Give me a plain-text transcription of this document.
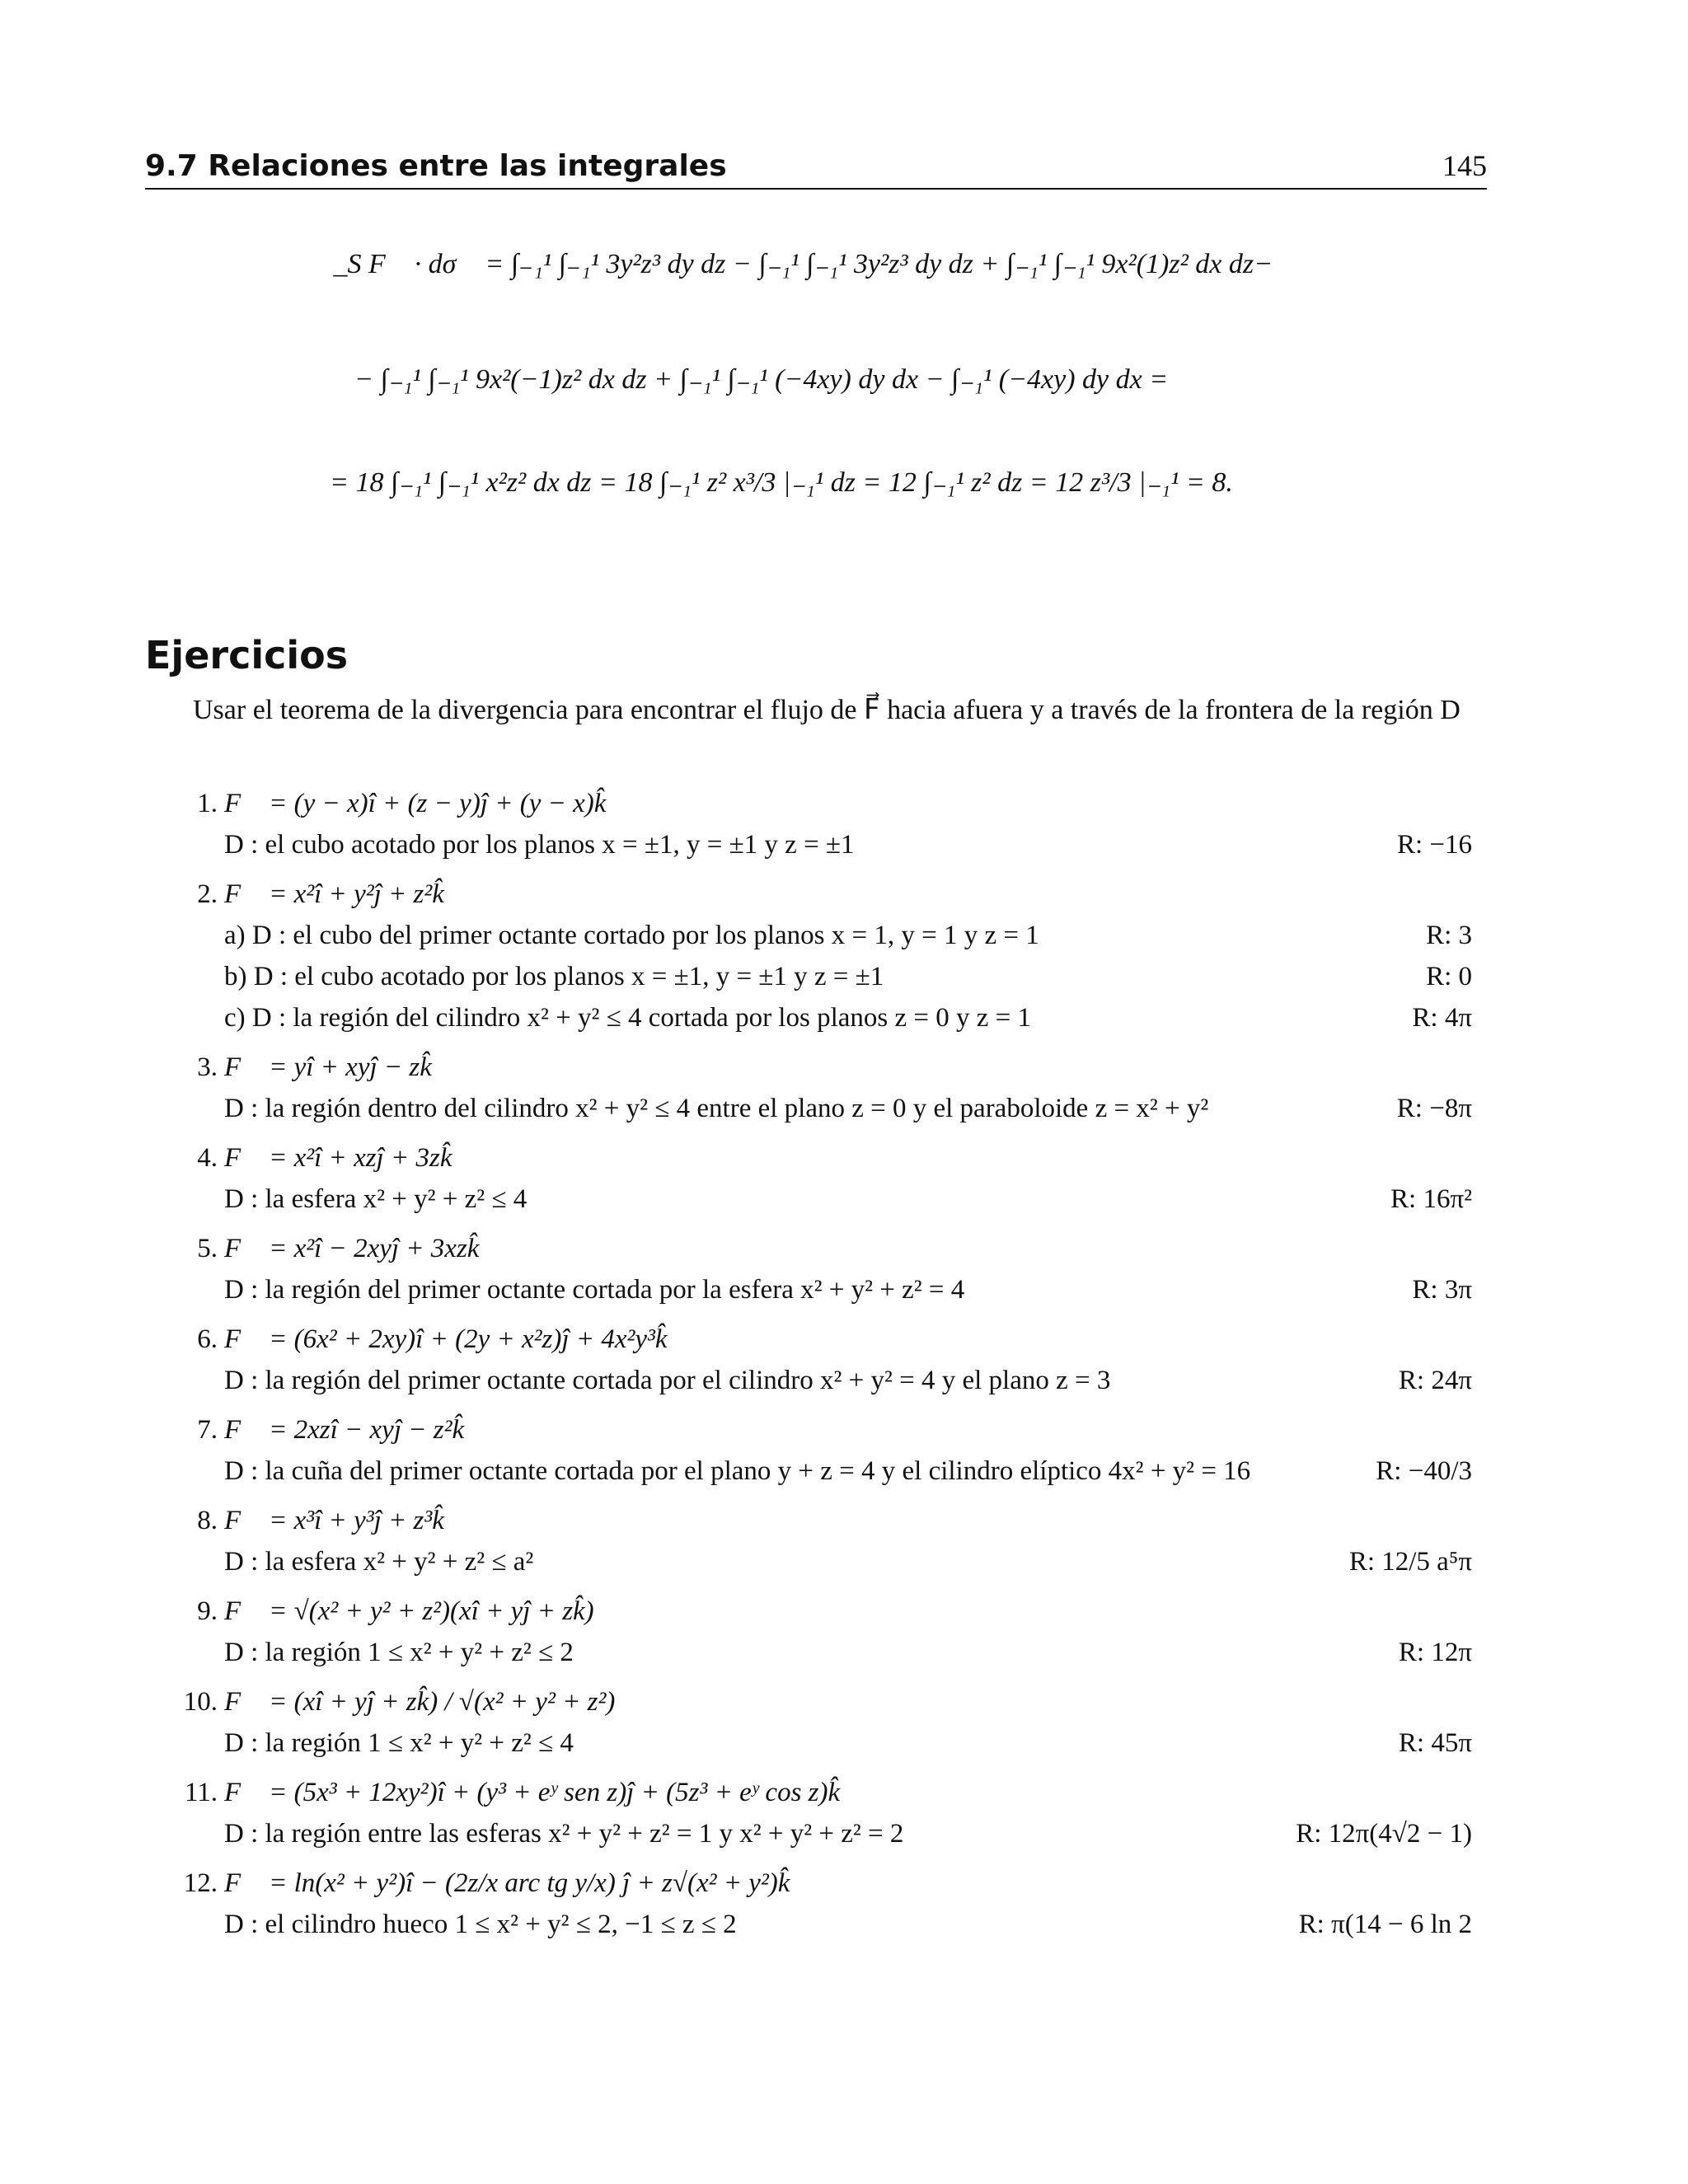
9.7 Relaciones entre las integrales	145
∯_S F⃗ · dσ⃗ = ∫₋₁¹ ∫₋₁¹ 3y²z³ dy dz − ∫₋₁¹ ∫₋₁¹ 3y²z³ dy dz + ∫₋₁¹ ∫₋₁¹ 9x²(1)z² dx dz−
− ∫₋₁¹ ∫₋₁¹ 9x²(−1)z² dx dz + ∫₋₁¹ ∫₋₁¹ (−4xy) dy dx − ∫₋₁¹ (−4xy) dy dx =
= 18 ∫₋₁¹ ∫₋₁¹ x²z² dx dz = 18 ∫₋₁¹ z² x³/3 |₋₁¹ dz = 12 ∫₋₁¹ z² dz = 12 z³/3 |₋₁¹ = 8.
Ejercicios
Usar el teorema de la divergencia para encontrar el flujo de F⃗ hacia afuera y a través de la frontera de la región D
1. F⃗ = (y − x)î + (z − y)ĵ + (y − x)k̂
D : el cubo acotado por los planos x = ±1, y = ±1 y z = ±1	R: −16
2. F⃗ = x²î + y²ĵ + z²k̂
a) D : el cubo del primer octante cortado por los planos x = 1, y = 1 y z = 1	R: 3
b) D : el cubo acotado por los planos x = ±1, y = ±1 y z = ±1	R: 0
c) D : la región del cilindro x² + y² ≤ 4 cortada por los planos z = 0 y z = 1	R: 4π
3. F⃗ = yî + xyĵ − zk̂
D : la región dentro del cilindro x² + y² ≤ 4 entre el plano z = 0 y el paraboloide z = x² + y²	R: −8π
4. F⃗ = x²î + xzĵ + 3zk̂
D : la esfera x² + y² + z² ≤ 4	R: 16π²
5. F⃗ = x²î − 2xyĵ + 3xzk̂
D : la región del primer octante cortada por la esfera x² + y² + z² = 4	R: 3π
6. F⃗ = (6x² + 2xy)î + (2y + x²z)ĵ + 4x²y³k̂
D : la región del primer octante cortada por el cilindro x² + y² = 4 y el plano z = 3	R: 24π
7. F⃗ = 2xzî − xyĵ − z²k̂
D : la cuña del primer octante cortada por el plano y + z = 4 y el cilindro elíptico 4x² + y² = 16	R: −40/3
8. F⃗ = x³î + y³ĵ + z³k̂
D : la esfera x² + y² + z² ≤ a²	R: 12/5 a⁵π
9. F⃗ = √(x² + y² + z²)(xî + yĵ + zk̂)
D : la región 1 ≤ x² + y² + z² ≤ 2	R: 12π
10. F⃗ = (xî + yĵ + zk̂) / √(x² + y² + z²)
D : la región 1 ≤ x² + y² + z² ≤ 4	R: 45π
11. F⃗ = (5x³ + 12xy²)î + (y³ + eʸ sen z)ĵ + (5z³ + eʸ cos z)k̂
D : la región entre las esferas x² + y² + z² = 1 y x² + y² + z² = 2	R: 12π(4√2 − 1)
12. F⃗ = ln(x² + y²)î − (2z/x arc tg y/x) ĵ + z√(x² + y²)k̂
D : el cilindro hueco 1 ≤ x² + y² ≤ 2, −1 ≤ z ≤ 2	R: π(14 − 6 ln 2
